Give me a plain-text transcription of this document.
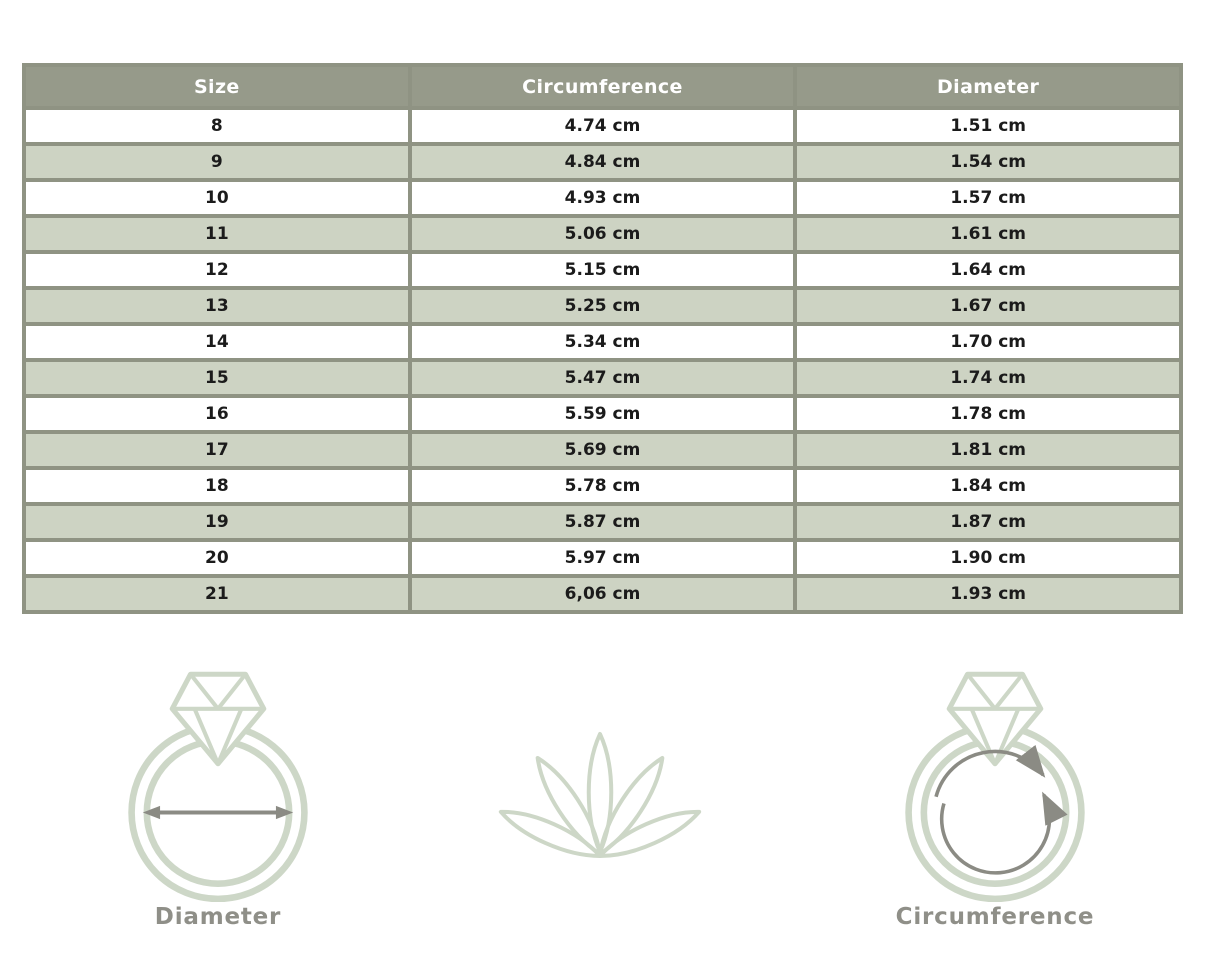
Size	Circumference	Diameter
8	4.74 cm	1.51 cm
9	4.84 cm	1.54 cm
10	4.93 cm	1.57 cm
11	5.06 cm	1.61 cm
12	5.15 cm	1.64 cm
13	5.25 cm	1.67 cm
14	5.34 cm	1.70 cm
15	5.47 cm	1.74 cm
16	5.59 cm	1.78 cm
17	5.69 cm	1.81 cm
18	5.78 cm	1.84 cm
19	5.87 cm	1.87 cm
20	5.97 cm	1.90 cm
21	6,06 cm	1.93 cm
Diameter	Circumference
